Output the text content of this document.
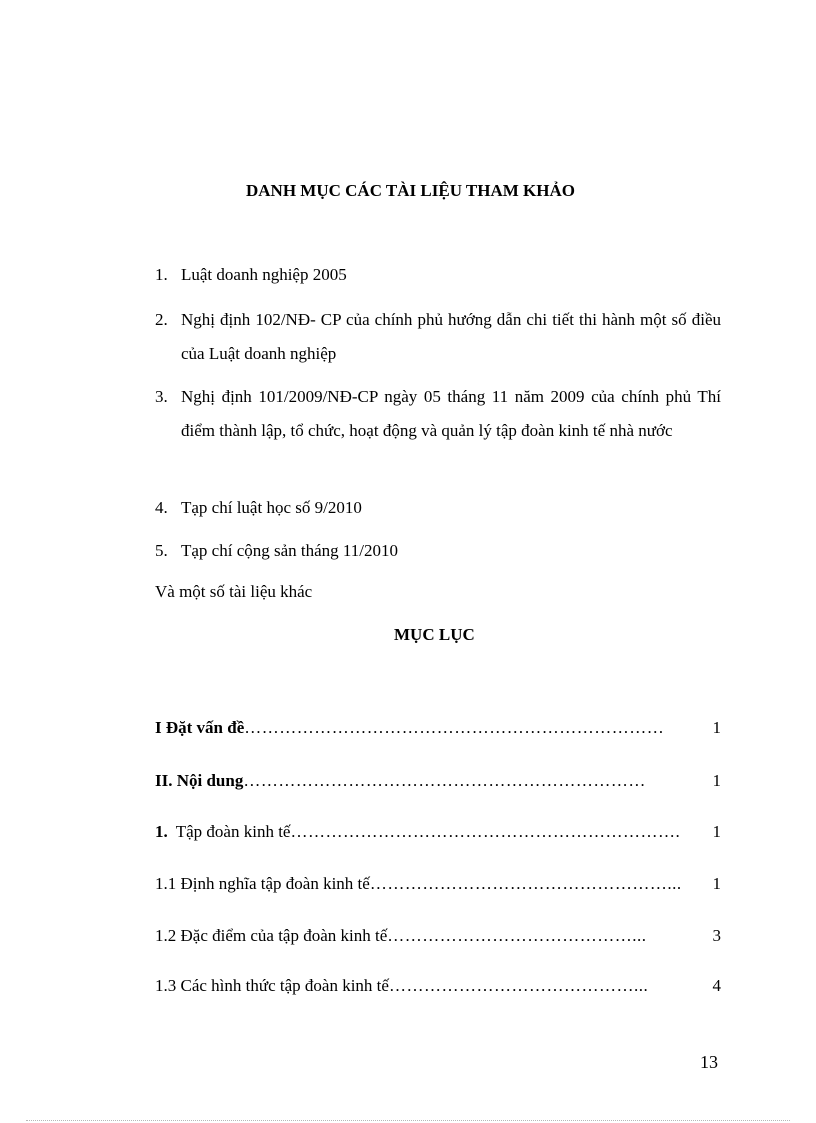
DANH MỤC CÁC TÀI LIỆU THAM KHẢO
1. Luật doanh nghiệp 2005
2. Nghị định 102/NĐ- CP của chính phủ hướng dẫn chi tiết thi hành một số điều của Luật doanh nghiệp
3. Nghị định 101/2009/NĐ-CP ngày 05 tháng 11 năm 2009 của chính phủ Thí điểm thành lập, tổ chức, hoạt động và quản lý tập đoàn kinh tế nhà nước
4. Tạp chí luật học số 9/2010
5. Tạp chí cộng sản tháng 11/2010
Và một số tài liệu khác
MỤC LỤC
I Đặt vấn đề ………………………………………………………………	1
II. Nội dung ……………………………………………………………	1
1. Tập đoàn kinh tế ………………………………………………………….	1
1.1 Định nghĩa tập đoàn kinh tế ……………………………………………...	1
1.2 Đặc điểm của tập đoàn kinh tế ……………………………………...	3
1.3 Các hình thức tập đoàn kinh tế ……………………………………...	4
13
